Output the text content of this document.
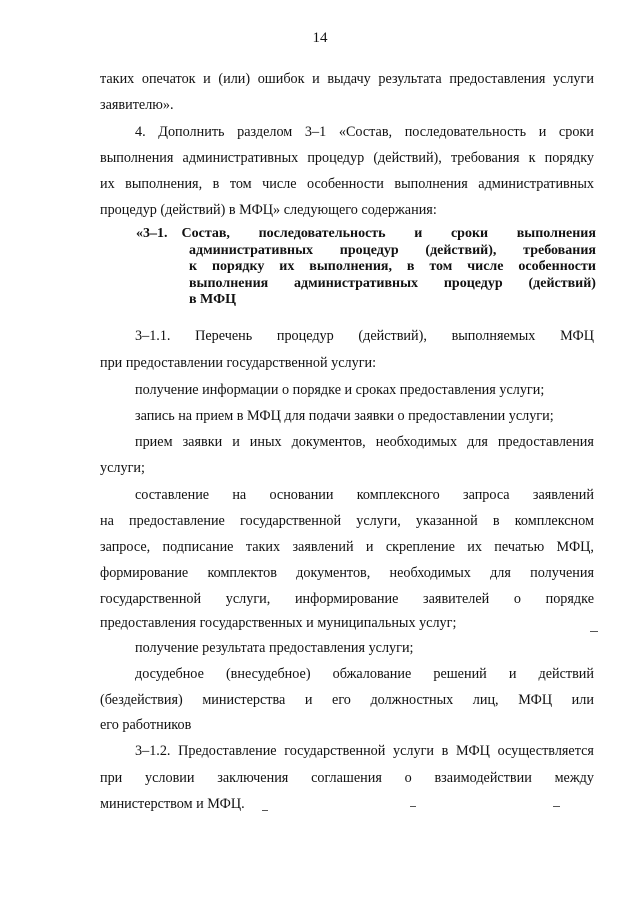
14
таких опечаток и (или) ошибок и выдачу результата предоставления услуги
заявителю».
4. Дополнить разделом 3–1 «Состав, последовательность и сроки
выполнения административных процедур (действий), требования к порядку
их выполнения, в том числе особенности выполнения административных
процедур (действий) в МФЦ» следующего содержания:
«3–1. Состав, последовательность и сроки выполнения
административных процедур (действий), требования
к порядку их выполнения, в том числе особенности
выполнения административных процедур (действий)
в МФЦ
3–1.1. Перечень процедур (действий), выполняемых МФЦ
при предоставлении государственной услуги:
получение информации о порядке и сроках предоставления услуги;
запись на прием в МФЦ для подачи заявки о предоставлении услуги;
прием заявки и иных документов, необходимых для предоставления
услуги;
составление на основании комплексного запроса заявлений
на предоставление государственной услуги, указанной в комплексном
запросе, подписание таких заявлений и скрепление их печатью МФЦ,
формирование комплектов документов, необходимых для получения
государственной услуги, информирование заявителей о порядке
предоставления государственных и муниципальных услуг;
получение результата предоставления услуги;
досудебное (внесудебное) обжалование решений и действий
(бездействия) министерства и его должностных лиц, МФЦ или
его работников
3–1.2. Предоставление государственной услуги в МФЦ осуществляется
при условии заключения соглашения о взаимодействии между
министерством и МФЦ.
